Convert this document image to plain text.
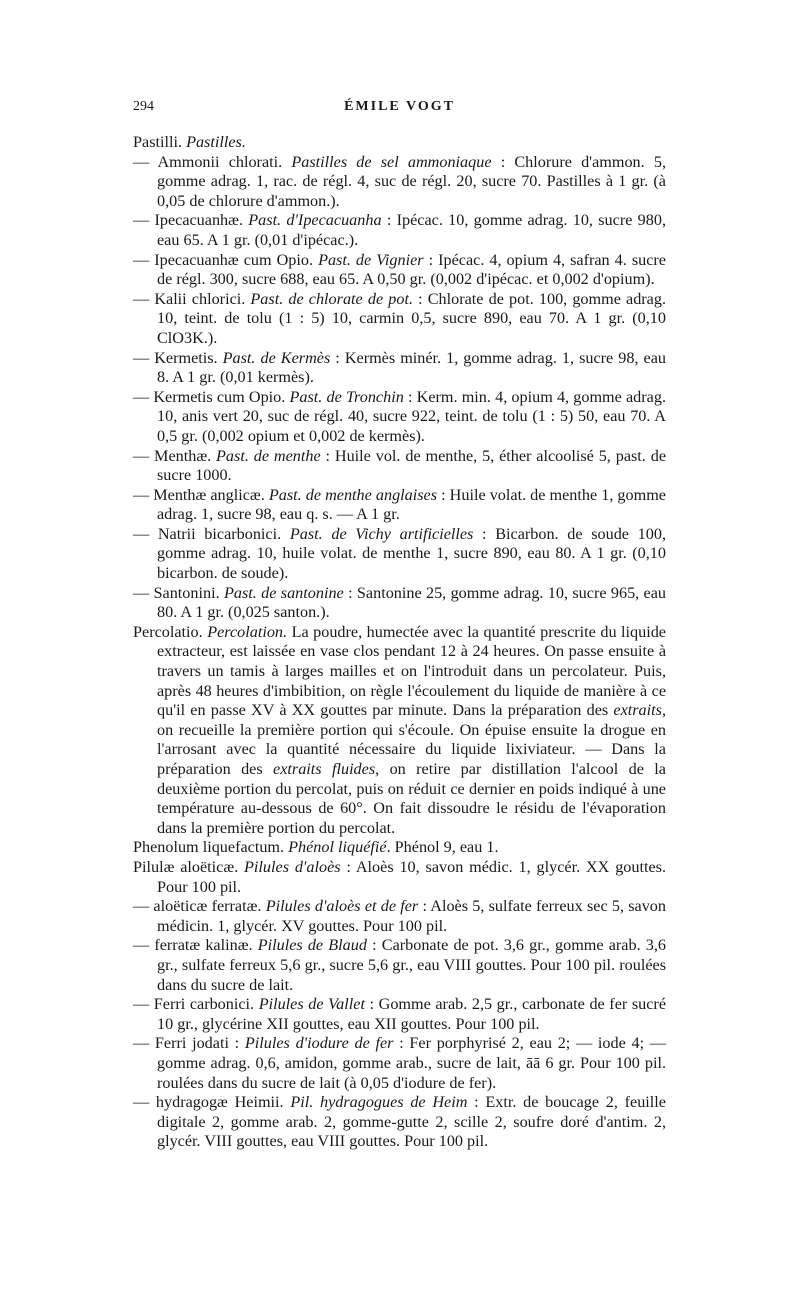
294	ÉMILE VOGT

Pastilli. Pastilles.

— Ammonii chlorati. Pastilles de sel ammoniaque : Chlorure d'ammon. 5, gomme adrag. 1, rac. de régl. 4, suc de régl. 20, sucre 70. Pastilles à 1 gr. (à 0,05 de chlorure d'ammon.).

— Ipecacuanhæ. Past. d'Ipecacuanha : Ipécac. 10, gomme adrag. 10, sucre 980, eau 65. A 1 gr. (0,01 d'ipécac.).

— Ipecacuanhæ cum Opio. Past. de Vignier : Ipécac. 4, opium 4, safran 4. sucre de régl. 300, sucre 688, eau 65. A 0,50 gr. (0,002 d'ipécac. et 0,002 d'opium).

— Kalii chlorici. Past. de chlorate de pot. : Chlorate de pot. 100, gomme adrag. 10, teint. de tolu (1 : 5) 10, carmin 0,5, sucre 890, eau 70. A 1 gr. (0,10 ClO3K.).

— Kermetis. Past. de Kermès : Kermès minér. 1, gomme adrag. 1, sucre 98, eau 8. A 1 gr. (0,01 kermès).

— Kermetis cum Opio. Past. de Tronchin : Kerm. min. 4, opium 4, gomme adrag. 10, anis vert 20, suc de régl. 40, sucre 922, teint. de tolu (1 : 5) 50, eau 70. A 0,5 gr. (0,002 opium et 0,002 de kermès).

— Menthæ. Past. de menthe : Huile vol. de menthe, 5, éther alcoolisé 5, past. de sucre 1000.

— Menthæ anglicæ. Past. de menthe anglaises : Huile volat. de menthe 1, gomme adrag. 1, sucre 98, eau q. s. — A 1 gr.

— Natrii bicarbonici. Past. de Vichy artificielles : Bicarbon. de soude 100, gomme adrag. 10, huile volat. de menthe 1, sucre 890, eau 80. A 1 gr. (0,10 bicarbon. de soude).

— Santonini. Past. de santonine : Santonine 25, gomme adrag. 10, sucre 965, eau 80. A 1 gr. (0,025 santon.).

Percolatio. Percolation. La poudre, humectée avec la quantité prescrite du liquide extracteur, est laissée en vase clos pendant 12 à 24 heures. On passe ensuite à travers un tamis à larges mailles et on l'introduit dans un percolateur. Puis, après 48 heures d'imbibition, on règle l'écoulement du liquide de manière à ce qu'il en passe XV à XX gouttes par minute. Dans la préparation des extraits, on recueille la première portion qui s'écoule. On épuise ensuite la drogue en l'arrosant avec la quantité nécessaire du liquide lixiviateur. — Dans la préparation des extraits fluides, on retire par distillation l'alcool de la deuxième portion du percolat, puis on réduit ce dernier en poids indiqué à une température au-dessous de 60°. On fait dissoudre le résidu de l'évaporation dans la première portion du percolat.

Phenolum liquefactum. Phénol liquéfié. Phénol 9, eau 1.

Pilulæ aloëticæ. Pilules d'aloès : Aloès 10, savon médic. 1, glycér. XX gouttes. Pour 100 pil.

— aloëticæ ferratæ. Pilules d'aloès et de fer : Aloès 5, sulfate ferreux sec 5, savon médicin. 1, glycér. XV gouttes. Pour 100 pil.

— ferratæ kalinæ. Pilules de Blaud : Carbonate de pot. 3,6 gr., gomme arab. 3,6 gr., sulfate ferreux 5,6 gr., sucre 5,6 gr., eau VIII gouttes. Pour 100 pil. roulées dans du sucre de lait.

— Ferri carbonici. Pilules de Vallet : Gomme arab. 2,5 gr., carbonate de fer sucré 10 gr., glycérine XII gouttes, eau XII gouttes. Pour 100 pil.

— Ferri jodati : Pilules d'iodure de fer : Fer porphyrisé 2, eau 2; — iode 4; — gomme adrag. 0,6, amidon, gomme arab., sucre de lait, āā 6 gr. Pour 100 pil. roulées dans du sucre de lait (à 0,05 d'iodure de fer).

— hydragogæ Heimii. Pil. hydragogues de Heim : Extr. de boucage 2, feuille digitale 2, gomme arab. 2, gomme-gutte 2, scille 2, soufre doré d'antim. 2, glycér. VIII gouttes, eau VIII gouttes. Pour 100 pil.
